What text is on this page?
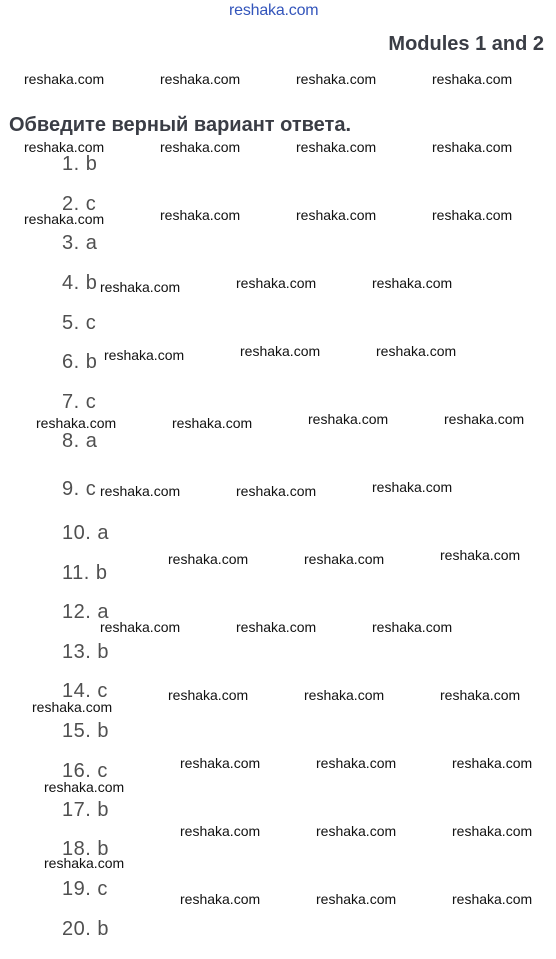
reshaka.com
Modules 1 and 2
Обведите верный вариант ответа.
1. b
2. c
3. a
4. b
5. c
6. b
7. c
8. a
9. c
10. a
11. b
12. a
13. b
14. c
15. b
16. c
17. b
18. b
19. c
20. b
reshaka.com	reshaka.com	reshaka.com	reshaka.com
reshaka.com	reshaka.com	reshaka.com	reshaka.com
reshaka.com	reshaka.com	reshaka.com	reshaka.com
reshaka.com	reshaka.com	reshaka.com
reshaka.com	reshaka.com	reshaka.com
reshaka.com	reshaka.com	reshaka.com	reshaka.com
reshaka.com	reshaka.com	reshaka.com
reshaka.com	reshaka.com	reshaka.com
reshaka.com	reshaka.com	reshaka.com
reshaka.com	reshaka.com	reshaka.com
reshaka.com
reshaka.com	reshaka.com	reshaka.com
reshaka.com
reshaka.com	reshaka.com	reshaka.com
reshaka.com
reshaka.com	reshaka.com	reshaka.com
